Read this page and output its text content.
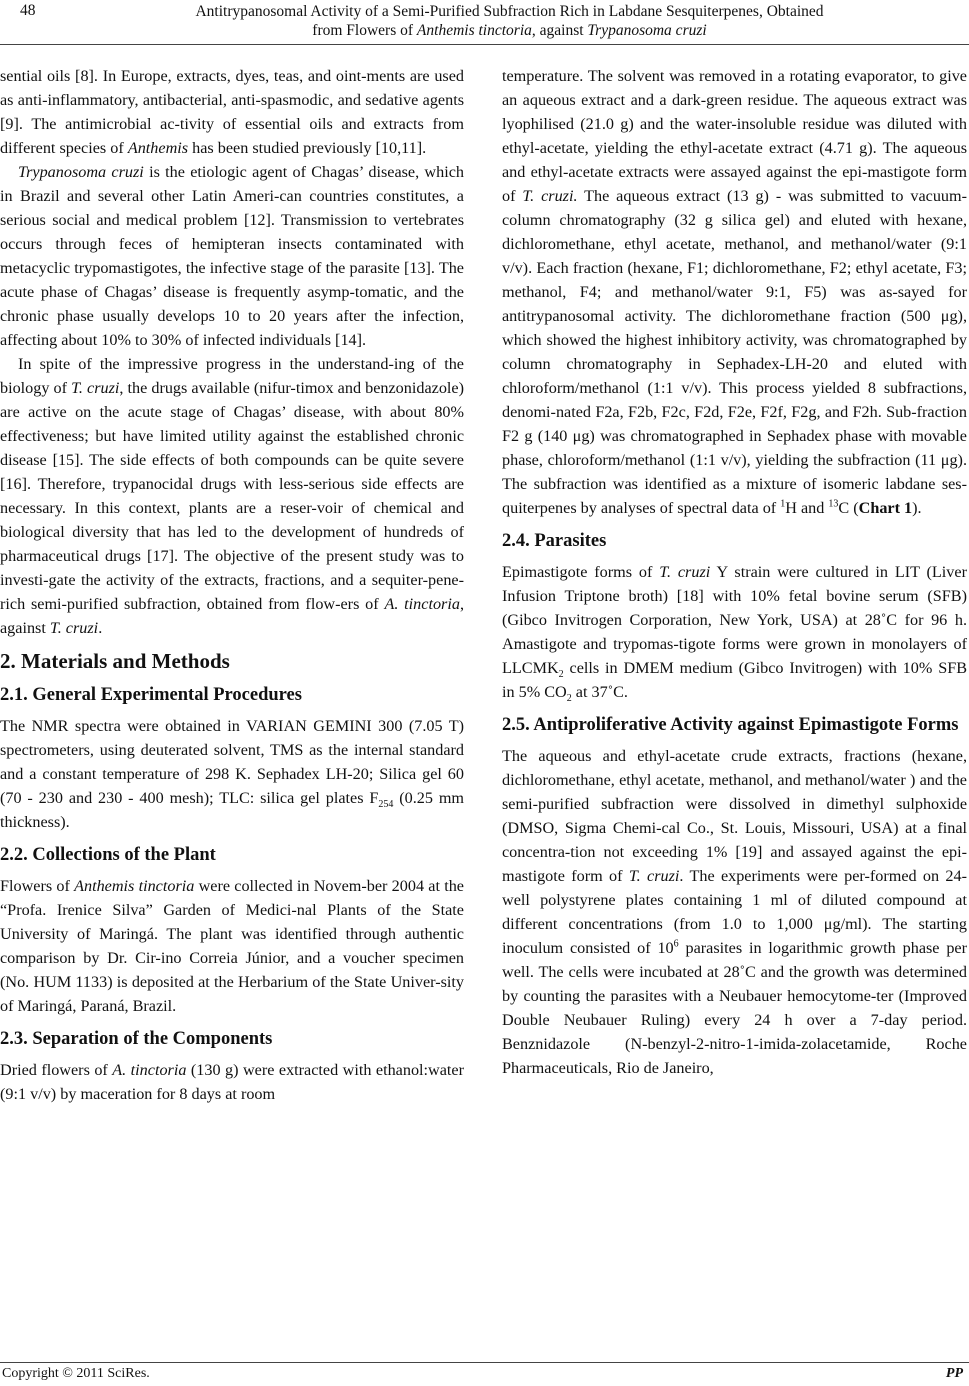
48	Antitrypanosomal Activity of a Semi-Purified Subfraction Rich in Labdane Sesquiterpenes, Obtained
from Flowers of Anthemis tinctoria, against Trypanosoma cruzi

sential oils [8]. In Europe, extracts, dyes, teas, and oint-ments are used as anti-inflammatory, antibacterial, anti-spasmodic, and sedative agents [9]. The antimicrobial ac-tivity of essential oils and extracts from different species of Anthemis has been studied previously [10,11].

Trypanosoma cruzi is the etiologic agent of Chagas’ disease, which in Brazil and several other Latin Ameri-can countries constitutes, a serious social and medical problem [12]. Transmission to vertebrates occurs through feces of hemipteran insects contaminated with metacyclic trypomastigotes, the infective stage of the parasite [13]. The acute phase of Chagas’ disease is frequently asymp-tomatic, and the chronic phase usually develops 10 to 20 years after the infection, affecting about 10% to 30% of infected individuals [14].

In spite of the impressive progress in the understand-ing of the biology of T. cruzi, the drugs available (nifur-timox and benzonidazole) are active on the acute stage of Chagas’ disease, with about 80% effectiveness; but have limited utility against the established chronic disease [15]. The side effects of both compounds can be quite severe [16]. Therefore, trypanocidal drugs with less-serious side effects are necessary. In this context, plants are a reser-voir of chemical and biological diversity that has led to the development of hundreds of pharmaceutical drugs [17]. The objective of the present study was to investi-gate the activity of the extracts, fractions, and a sequiter-pene-rich semi-purified subfraction, obtained from flow-ers of A. tinctoria, against T. cruzi.

2. Materials and Methods
2.1. General Experimental Procedures

The NMR spectra were obtained in VARIAN GEMINI 300 (7.05 T) spectrometers, using deuterated solvent, TMS as the internal standard and a constant temperature of 298 K. Sephadex LH-20; Silica gel 60 (70 - 230 and 230 - 400 mesh); TLC: silica gel plates $F_{254}$ (0.25 mm thickness).

2.2. Collections of the Plant

Flowers of Anthemis tinctoria were collected in Novem-ber 2004 at the “Profa. Irenice Silva” Garden of Medici-nal Plants of the State University of Maringá. The plant was identified through authentic comparison by Dr. Cir-ino Correia Júnior, and a voucher specimen (No. HUM 1133) is deposited at the Herbarium of the State Univer-sity of Maringá, Paraná, Brazil.

2.3. Separation of the Components

Dried flowers of A. tinctoria (130 g) were extracted with ethanol:water (9:1 v/v) by maceration for 8 days at room

temperature. The solvent was removed in a rotating evaporator, to give an aqueous extract and a dark-green residue. The aqueous extract was lyophilised (21.0 g) and the water-insoluble residue was diluted with ethyl-acetate, yielding the ethyl-acetate extract (4.71 g). The aqueous and ethyl-acetate extracts were assayed against the epi-mastigote form of T. cruzi. The aqueous extract (13 g) - was submitted to vacuum-column chromatography (32 g silica gel) and eluted with hexane, dichloromethane, ethyl acetate, methanol, and methanol/water (9:1 v/v). Each fraction (hexane, F1; dichloromethane, F2; ethyl acetate, F3; methanol, F4; and methanol/water 9:1, F5) was as-sayed for antitrypanosomal activity. The dichloromethane fraction (500 μg), which showed the highest inhibitory activity, was chromatographed by column chromatography in Sephadex-LH-20 and eluted with chloroform/methanol (1:1 v/v). This process yielded 8 subfractions, denomi-nated F2a, F2b, F2c, F2d, F2e, F2f, F2g, and F2h. Sub-fraction F2 g (140 μg) was chromatographed in Sephadex phase with movable phase, chloroform/methanol (1:1 v/v), yielding the subfraction (11 μg). The subfraction was identified as a mixture of isomeric labdane ses-quiterpenes by analyses of spectral data of $^1$H and $^{13}$C (Chart 1).

2.4. Parasites

Epimastigote forms of T. cruzi Y strain were cultured in LIT (Liver Infusion Triptone broth) [18] with 10% fetal bovine serum (SFB) (Gibco Invitrogen Corporation, New York, USA) at 28˚C for 96 h. Amastigote and trypomas-tigote forms were grown in monolayers of $LLCMK_2$ cells in DMEM medium (Gibco Invitrogen) with 10% SFB in 5% $CO_2$ at 37˚C.

2.5. Antiproliferative Activity against Epimastigote Forms

The aqueous and ethyl-acetate crude extracts, fractions (hexane, dichloromethane, ethyl acetate, methanol, and methanol/water ) and the semi-purified subfraction were dissolved in dimethyl sulphoxide (DMSO, Sigma Chemi-cal Co., St. Louis, Missouri, USA) at a final concentra-tion not exceeding 1% [19] and assayed against the epi-mastigote form of T. cruzi. The experiments were per-formed on 24-well polystyrene plates containing 1 ml of diluted compound at different concentrations (from 1.0 to 1,000 μg/ml). The starting inoculum consisted of $10^6$ parasites in logarithmic growth phase per well. The cells were incubated at 28˚C and the growth was determined by counting the parasites with a Neubauer hemocytome-ter (Improved Double Neubauer Ruling) every 24 h over a 7-day period. Benznidazole (N-benzyl-2-nitro-1-imida-zolacetamide, Roche Pharmaceuticals, Rio de Janeiro,

Copyright © 2011 SciRes.	PP
